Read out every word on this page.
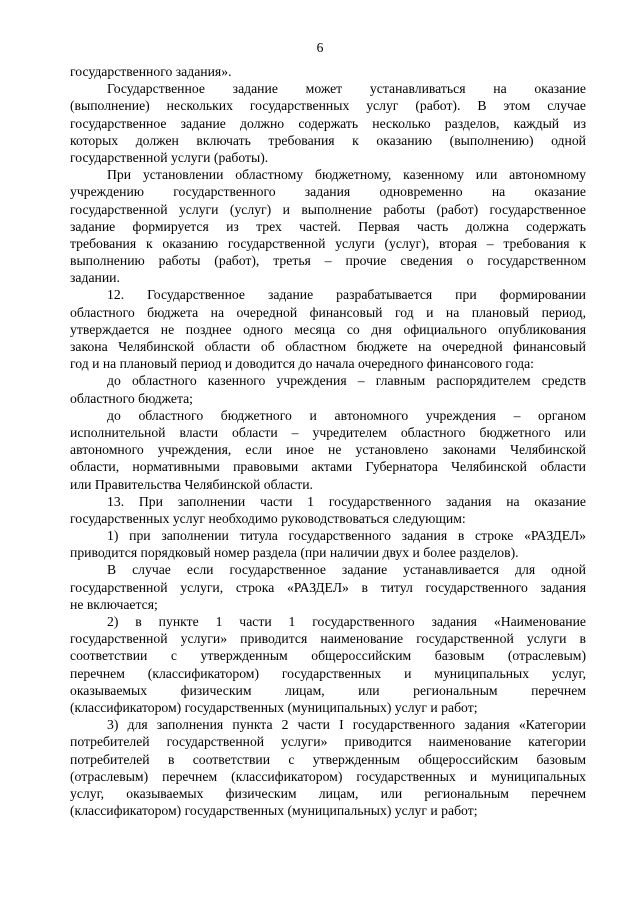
6
государственного задания».
Государственное задание может устанавливаться на оказание
(выполнение) нескольких государственных услуг (работ). В этом случае
государственное задание должно содержать несколько разделов, каждый из
которых должен включать требования к оказанию (выполнению) одной
государственной услуги (работы).
При установлении областному бюджетному, казенному или автономному
учреждению государственного задания одновременно на оказание
государственной услуги (услуг) и выполнение работы (работ) государственное
задание формируется из трех частей. Первая часть должна содержать
требования к оказанию государственной услуги (услуг), вторая – требования к
выполнению работы (работ), третья – прочие сведения о государственном
задании.
12. Государственное задание разрабатывается при формировании
областного бюджета на очередной финансовый год и на плановый период,
утверждается не позднее одного месяца со дня официального опубликования
закона Челябинской области об областном бюджете на очередной финансовый
год и на плановый период и доводится до начала очередного финансового года:
до областного казенного учреждения – главным распорядителем средств
областного бюджета;
до областного бюджетного и автономного учреждения – органом
исполнительной власти области – учредителем областного бюджетного или
автономного учреждения, если иное не установлено законами Челябинской
области, нормативными правовыми актами Губернатора Челябинской области
или Правительства Челябинской области.
13. При заполнении части 1 государственного задания на оказание
государственных услуг необходимо руководствоваться следующим:
1) при заполнении титула государственного задания в строке «РАЗДЕЛ»
приводится порядковый номер раздела (при наличии двух и более разделов).
В случае если государственное задание устанавливается для одной
государственной услуги, строка «РАЗДЕЛ» в титул государственного задания
не включается;
2) в пункте 1 части 1 государственного задания «Наименование
государственной услуги» приводится наименование государственной услуги в
соответствии с утвержденным общероссийским базовым (отраслевым)
перечнем (классификатором) государственных и муниципальных услуг,
оказываемых физическим лицам, или региональным перечнем
(классификатором) государственных (муниципальных) услуг и работ;
3) для заполнения пункта 2 части I государственного задания «Категории
потребителей государственной услуги» приводится наименование категории
потребителей в соответствии с утвержденным общероссийским базовым
(отраслевым) перечнем (классификатором) государственных и муниципальных
услуг, оказываемых физическим лицам, или региональным перечнем
(классификатором) государственных (муниципальных) услуг и работ;
